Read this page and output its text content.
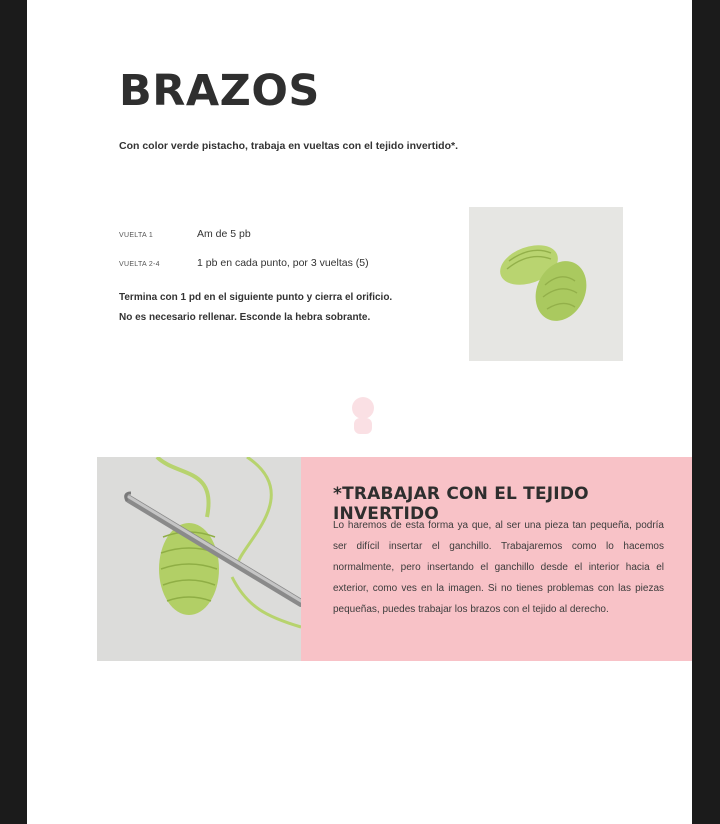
BRAZOS
Con color verde pistacho, trabaja en vueltas con el tejido invertido*.
VUELTA 1	Am de 5 pb
VUELTA 2-4	1 pb en cada punto, por 3 vueltas (5)
Termina con 1 pd en el siguiente punto y cierra el orificio. No es necesario rellenar. Esconde la hebra sobrante.
*TRABAJAR CON EL TEJIDO INVERTIDO
Lo haremos de esta forma ya que, al ser una pieza tan pequeña, podría ser difícil insertar el ganchillo. Trabajaremos como lo hacemos normalmente, pero insertando el ganchillo desde el interior hacia el exterior, como ves en la imagen. Si no tienes problemas con las piezas pequeñas, puedes trabajar los brazos con el tejido al derecho.
